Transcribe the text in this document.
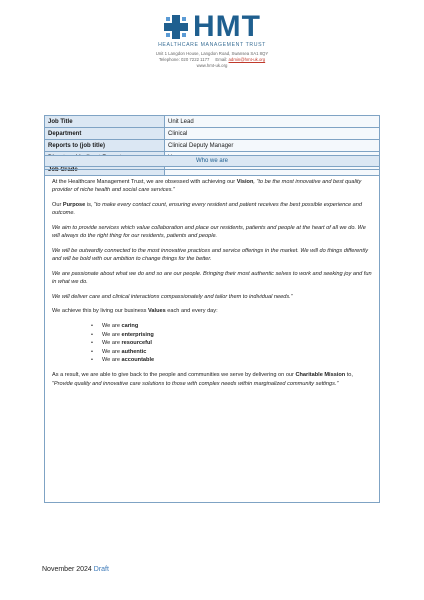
HMT
HEALTHCARE MANAGEMENT TRUST
Unit 1 Langdon House, Langdon Road, Swansea SA1 8QY
Telephone: 020 7222 1177 Email: admin@hmt-uk.org
www.hmt-uk.org
Job Title	Unit Lead
Department	Clinical
Reports to (job title)	Clinical Deputy Manager

Job Grade	
Who we are

At the Healthcare Management Trust, we are obsessed with achieving our Vision, “to be the most innovative and best quality provider of niche health and social care services.”

Our Purpose is, “to make every contact count, ensuring every resident and patient receives the best possible experience and outcome.

We aim to provide services which value collaboration and place our residents, patients and people at the heart of all we do. We will always do the right thing for our residents, patients and people.

We will be outwardly connected to the most innovative practices and service offerings in the market. We will do things differently and will be bold with our ambition to change things for the better.

We are passionate about what we do and so are our people. Bringing their most authentic selves to work and seeking joy and fun in what we do.

We will deliver care and clinical interactions compassionately and tailor them to individual needs.”

We achieve this by living our business Values each and every day:

• We are caring
• We are enterprising
• We are resourceful
• We are authentic
• We are accountable

As a result, we are able to give back to the people and communities we serve by delivering on our Charitable Mission to, “Provide quality and innovative care solutions to those with complex needs within marginalized community settings.”

November 2024 Draft
